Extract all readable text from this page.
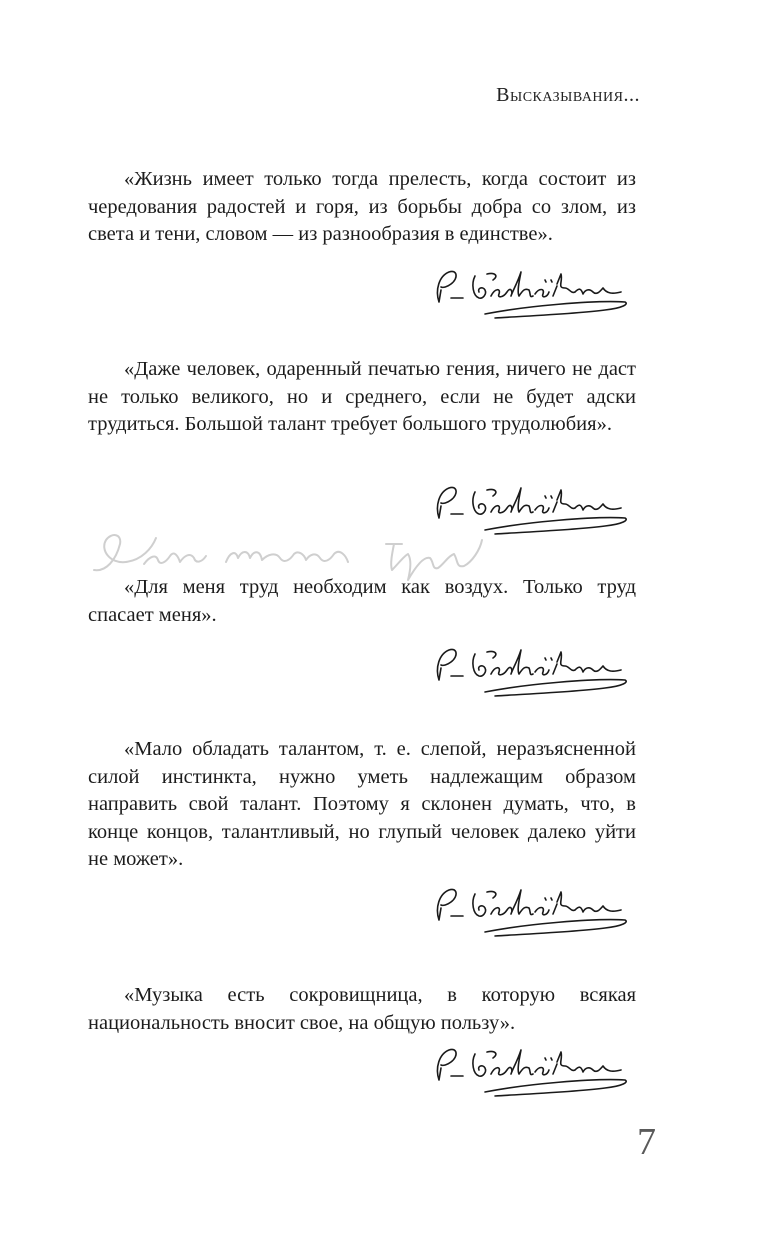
Высказывания...

«Жизнь имеет только тогда прелесть, когда состоит из чередования радостей и горя, из борьбы добра со злом, из света и тени, словом — из разнообразия в единстве».

«Даже человек, одаренный печатью гения, ничего не даст не только великого, но и среднего, если не будет адски трудиться. Большой талант требует большого трудолюбия».

«Для меня труд необходим как воздух. Только труд спасает меня».

«Мало обладать талантом, т. е. слепой, неразъясненной силой инстинкта, нужно уметь надлежащим образом направить свой талант. Поэтому я склонен думать, что, в конце концов, талантливый, но глупый человек далеко уйти не может».

«Музыка есть сокровищница, в которую всякая национальность вносит свое, на общую пользу».

7
